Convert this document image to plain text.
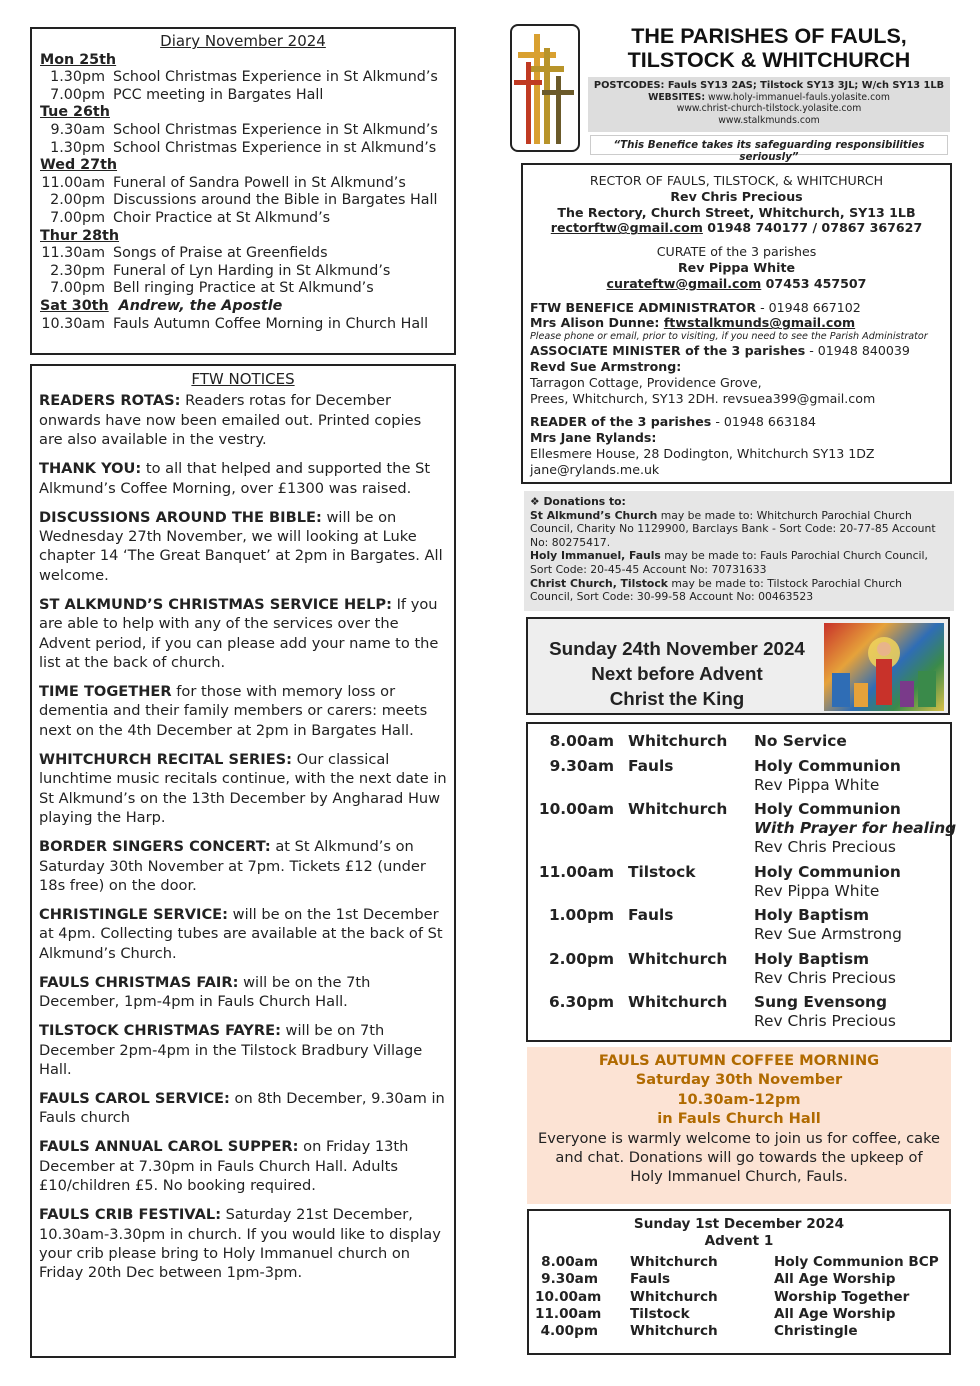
Diary November 2024
Mon 25th
1.30pm School Christmas Experience in St Alkmund’s
7.00pm PCC meeting in Bargates Hall
Tue 26th
9.30am School Christmas Experience in St Alkmund’s
1.30pm School Christmas Experience in st Alkmund’s
Wed 27th
11.00am Funeral of Sandra Powell in St Alkmund’s
2.00pm Discussions around the Bible in Bargates Hall
7.00pm Choir Practice at St Alkmund’s
Thur 28th
11.30am Songs of Praise at Greenfields
2.30pm Funeral of Lyn Harding in St Alkmund’s
7.00pm Bell ringing Practice at St Alkmund’s
Sat 30th Andrew, the Apostle
10.30am Fauls Autumn Coffee Morning in Church Hall
FTW NOTICES
READERS ROTAS: Readers rotas for December onwards have now been emailed out. Printed copies are also available in the vestry.
THANK YOU: to all that helped and supported the St Alkmund’s Coffee Morning, over £1300 was raised.
DISCUSSIONS AROUND THE BIBLE: will be on Wednesday 27th November, we will looking at Luke chapter 14 ‘The Great Banquet’ at 2pm in Bargates. All welcome.
ST ALKMUND’S CHRISTMAS SERVICE HELP: If you are able to help with any of the services over the Advent period, if you can please add your name to the list at the back of church.
TIME TOGETHER for those with memory loss or dementia and their family members or carers: meets next on the 4th December at 2pm in Bargates Hall.
WHITCHURCH RECITAL SERIES: Our classical lunchtime music recitals continue, with the next date in St Alkmund’s on the 13th December by Angharad Huw playing the Harp.
BORDER SINGERS CONCERT: at St Alkmund’s on Saturday 30th November at 7pm. Tickets £12 (under 18s free) on the door.
CHRISTINGLE SERVICE: will be on the 1st December at 4pm. Collecting tubes are available at the back of St Alkmund’s Church.
FAULS CHRISTMAS FAIR: will be on the 7th December, 1pm-4pm in Fauls Church Hall.
TILSTOCK CHRISTMAS FAYRE: will be on 7th December 2pm-4pm in the Tilstock Bradbury Village Hall.
FAULS CAROL SERVICE: on 8th December, 9.30am in Fauls church
FAULS ANNUAL CAROL SUPPER: on Friday 13th December at 7.30pm in Fauls Church Hall. Adults £10/children £5. No booking required.
FAULS CRIB FESTIVAL: Saturday 21st December, 10.30am-3.30pm in church. If you would like to display your crib please bring to Holy Immanuel church on Friday 20th Dec between 1pm-3pm.
THE PARISHES OF FAULS,
TILSTOCK & WHITCHURCH
POSTCODES: Fauls SY13 2AS; Tilstock SY13 3JL; W/ch SY13 1LB
WEBSITES: www.holy-immanuel-fauls.yolasite.com
www.christ-church-tilstock.yolasite.com
www.stalkmunds.com
“This Benefice takes its safeguarding responsibilities seriously”
RECTOR OF FAULS, TILSTOCK, & WHITCHURCH
Rev Chris Precious
The Rectory, Church Street, Whitchurch, SY13 1LB
rectorftw@gmail.com 01948 740177 / 07867 367627
CURATE of the 3 parishes
Rev Pippa White
curateftw@gmail.com 07453 457507
FTW BENEFICE ADMINISTRATOR - 01948 667102
Mrs Alison Dunne: ftwstalkmunds@gmail.com
Please phone or email, prior to visiting, if you need to see the Parish Administrator
ASSOCIATE MINISTER of the 3 parishes - 01948 840039
Revd Sue Armstrong:
Tarragon Cottage, Providence Grove,
Prees, Whitchurch, SY13 2DH. revsuea399@gmail.com
READER of the 3 parishes - 01948 663184
Mrs Jane Rylands:
Ellesmere House, 28 Dodington, Whitchurch SY13 1DZ
jane@rylands.me.uk
❖ Donations to:
St Alkmund’s Church may be made to: Whitchurch Parochial Church Council, Charity No 1129900, Barclays Bank - Sort Code: 20-77-85 Account No: 80275417.
Holy Immanuel, Fauls may be made to: Fauls Parochial Church Council, Sort Code: 20-45-45 Account No: 70731633
Christ Church, Tilstock may be made to: Tilstock Parochial Church Council, Sort Code: 30-99-58 Account No: 00463523
Sunday 24th November 2024
Next before Advent
Christ the King
8.00am Whitchurch	No Service
9.30am Fauls	Holy Communion
Rev Pippa White
10.00am Whitchurch	Holy Communion
With Prayer for healing
Rev Chris Precious
11.00am Tilstock	Holy Communion
Rev Pippa White
1.00pm Fauls	Holy Baptism
Rev Sue Armstrong
2.00pm Whitchurch	Holy Baptism
Rev Chris Precious
6.30pm Whitchurch	Sung Evensong
Rev Chris Precious
FAULS AUTUMN COFFEE MORNING
Saturday 30th November
10.30am-12pm
in Fauls Church Hall
Everyone is warmly welcome to join us for coffee, cake and chat. Donations will go towards the upkeep of Holy Immanuel Church, Fauls.
Sunday 1st December 2024
Advent 1
8.00am	Whitchurch	Holy Communion BCP
9.30am	Fauls	All Age Worship
10.00am	Whitchurch	Worship Together
11.00am	Tilstock	All Age Worship
4.00pm	Whitchurch	Christingle
